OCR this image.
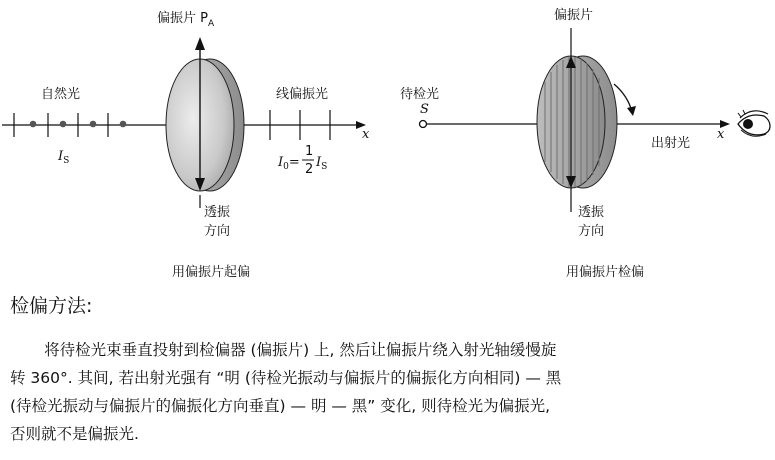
偏振片 $P_A$
自然光
$I_S$
线偏振光
$I_0=$
1
2 $I_S$
x
透振
方向
用偏振片起偏
偏振片
待检光
S
出射光
x
透振
方向
用偏振片检偏
检偏方法:
将待检光束垂直投射到检偏器 (偏振片) 上, 然后让偏振片绕入射光轴缓慢旋
转 360°. 其间, 若出射光强有 “明 (待检光振动与偏振片的偏振化方向相同) — 黑
(待检光振动与偏振片的偏振化方向垂直) — 明 — 黑” 变化, 则待检光为偏振光,
否则就不是偏振光.
